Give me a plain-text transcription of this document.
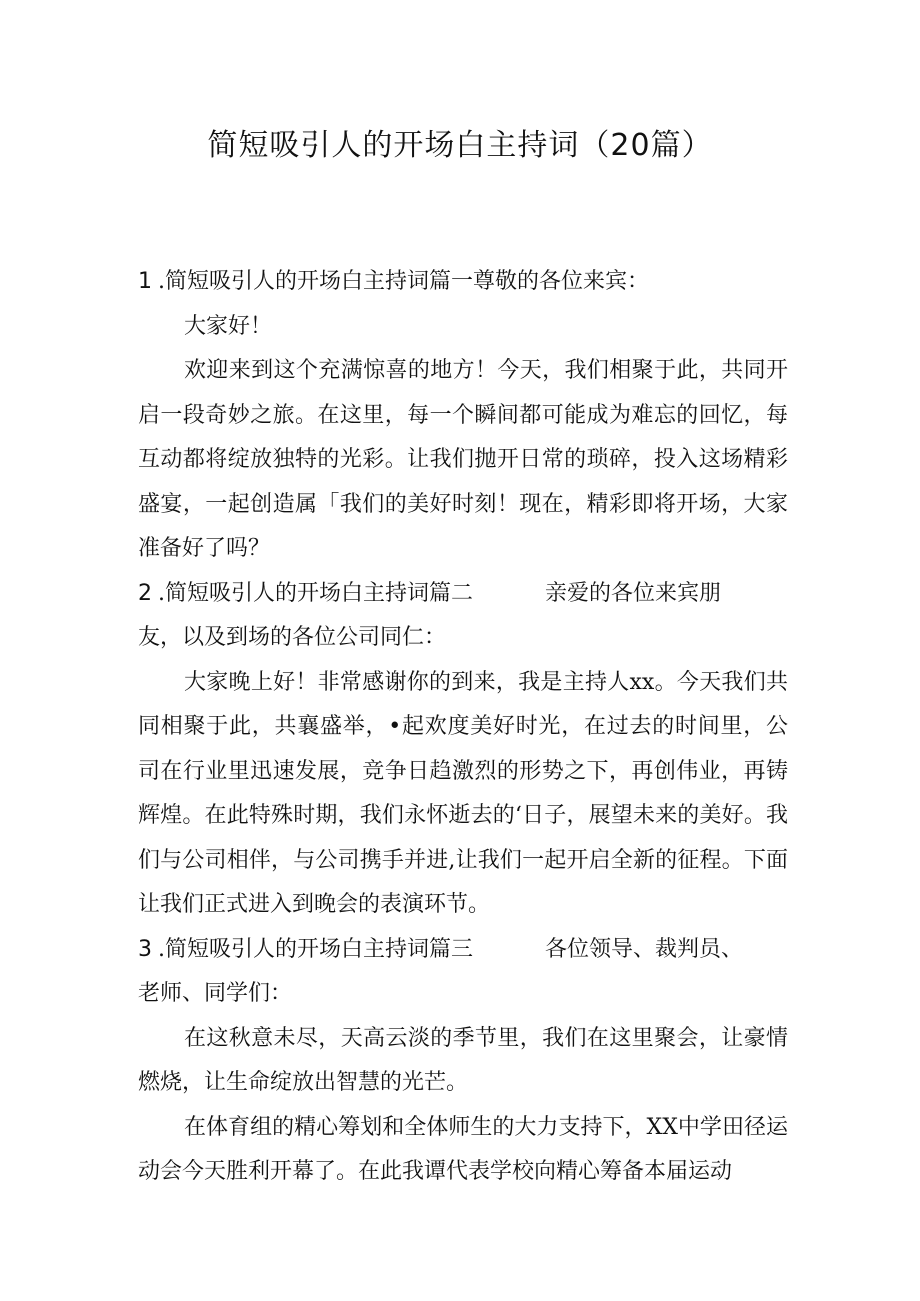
简短吸引人的开场白主持词（20篇）
1 .简短吸引人的开场白主持词篇一尊敬的各位来宾：
大家好！
欢迎来到这个充满惊喜的地方！今天，我们相聚于此，共同开启一段奇妙之旅。在这里，每一个瞬间都可能成为难忘的回忆，每互动都将绽放独特的光彩。让我们抛开日常的琐碎，投入这场精彩盛宴，一起创造属「我们的美好时刻！现在，精彩即将开场，大家准备好了吗？
2 .简短吸引人的开场白主持词篇二	亲爱的各位来宾朋
友，以及到场的各位公司同仁：
大家晚上好！非常感谢你的到来，我是主持人xx。今天我们共同相聚于此，共襄盛举，•起欢度美好时光，在过去的时间里，公司在行业里迅速发展，竞争日趋激烈的形势之下，再创伟业，再铸辉煌。在此特殊时期，我们永怀逝去的‘日子，展望未来的美好。我们与公司相伴，与公司携手并进,让我们一起开启全新的征程。下面让我们正式进入到晚会的表演环节。
3 .简短吸引人的开场白主持词篇三	各位领导、裁判员、
老师、同学们：
在这秋意未尽，天高云淡的季节里，我们在这里聚会，让豪情燃烧，让生命绽放出智慧的光芒。
在体育组的精心筹划和全体师生的大力支持下，XX中学田径运动会今天胜利开幕了。在此我谭代表学校向精心筹备本届运动
